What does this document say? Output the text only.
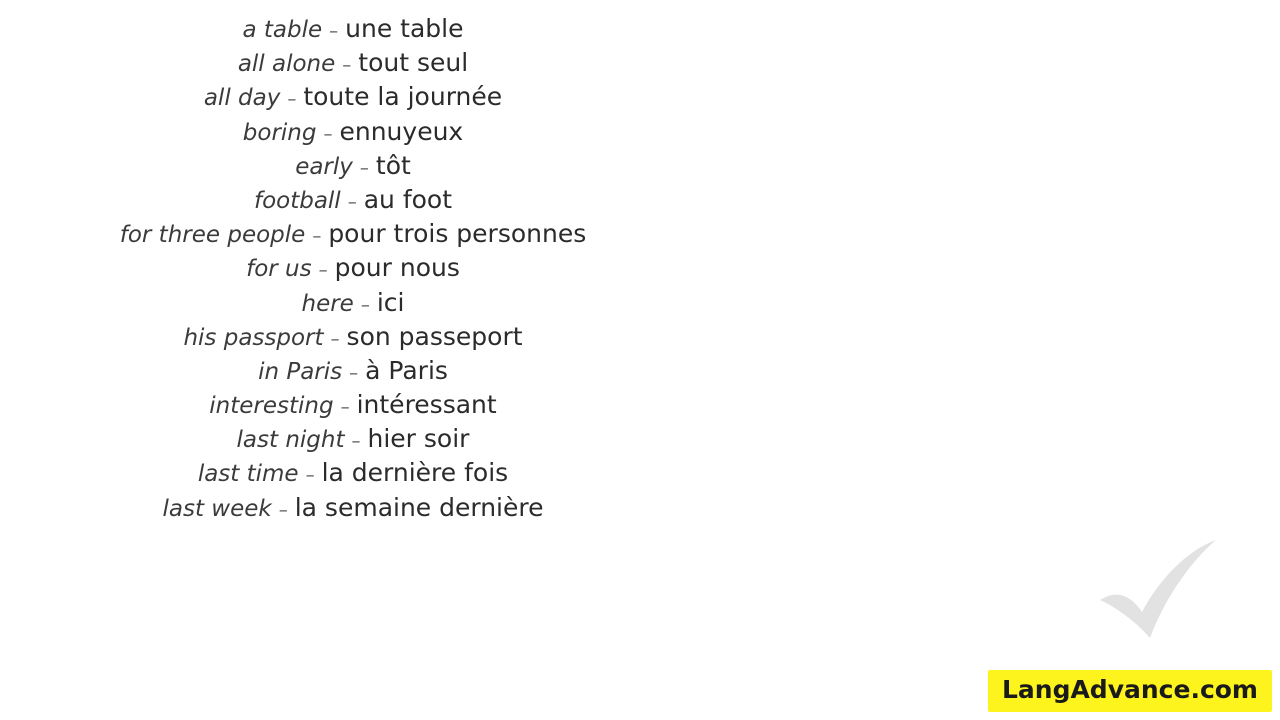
a table – une table
all alone – tout seul
all day – toute la journée
boring – ennuyeux
early – tôt
football – au foot
for three people – pour trois personnes
for us – pour nous
here – ici
his passport – son passeport
in Paris – à Paris
interesting – intéressant
last night – hier soir
last time – la dernière fois
last week – la semaine dernière
LangAdvance.com
